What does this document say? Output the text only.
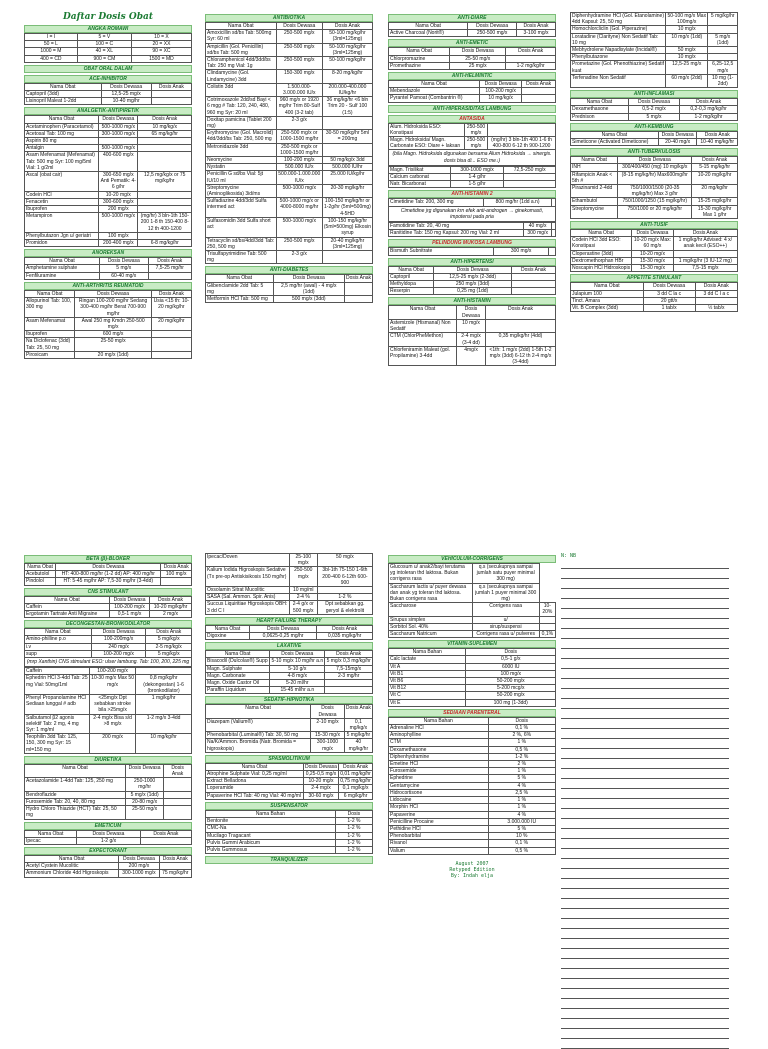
Daftar Dosis Obat
ANGKA ROMAWI
I = I	5 = V	10 = X
50 = L	100 = C	20 = XX
1000 = M	40 = XL	90 = XC
400 = CD	900 = CM	1500 = MD
OBAT ORAL DALAM
ACE-INHIBITOR
Nama Obat	Dosis Dewasa	Dosis Anak
Captopril (3dd)	12,5-25 mg/x	
Lisinopril Maleat 1-2dd	10-40 mg/hr	
ANALGETIK-ANTIPIRETIK
Nama Obat	Dosis Dewasa	Dosis Anak
Acetaminophen (Paracetamol)	500-1000 mg/x	10 mg/kg/x
Acetosal Tab: 100 mg	300-1000 mg/x	65 mg/kg/hr
Aspirin 80 mg		
Antalgin	500-1000 mg/x	
Asam Mefenamat (Mefenamat) Tab: 500 mg Syr: 100 mg/5ml Vial: 1 g/2ml	400-600 mg/x	
Ascal (obat cair)	300-650 mg/x Anti Pematik: 4-6 g/hr	12,5 mg/kg/x or 75 mg/kg/hr
Codein HCl	10-20 mg/x	
Fenacetin	300-600 mg/x	
Ibuprofen	200 mg/x	
Metampiron	500-1000 mg/x	(mg/hr) 3 bln-1th 150-200 1-8 th 150-400 8-12 th 400-1200
Phenylbutazon Jgn u/ geriatri	100 mg/x	
Promidon	200-400 mg/x	6-8 mg/kg/hr
ANOREKSAN
Nama Obat	Dosis Dewasa	Dosis Anak
Amphetamine sulphate	5 mg/x	7,5-25 mg/hr
Fenfiluramine	60-40 mg/x	
ANTI-ARTHRITIS REUMATOID
Nama Obat	Dosis Dewasa	Dosis Anak
Allopurinol Tab: 100, 300 mg	Ringan 100-200 mg/hr Sedang 300-400 mg/hr Berat 700-900 mg/hr	Usia <15 th: 10-20 mg/kg/hr
Asam Mefenamat	Awal 250 mg Kmdn 250-500 mg/x	20 mg/kg/hr
Ibuprofen	600 mg/x	
Na Diclofenac (3dd) Tab: 25, 50 mg	25-50 mg/x	
Piroxicam	20 mg/x (1dd)	
ANTIBIOTIKA
Nama Obat	Dosis Dewasa	Dosis Anak
Amoxicillin sd/bs Tab: 500mg Syr: 60 ml	250-500 mg/x	50-100 mg/kg/hr (3ml=125mg)
Ampicillin (Gol. Penicillin) sd/bs Tab: 500 mg	250-500 mg/x	50-100 mg/kg/hr (3ml=125mg)
Chloramphenicol 4dd/3dd/bs Tab: 250 mg Vial: 1g	250-500 mg/x	50-100 mg/kg/hr
Clindamycine (Gol. Lindamycine) 3dd	150-300 mg/x	8-20 mg/kg/hr
Colistin 3dd	1.500.000-3.000.000 IU/x	200.000-400.000 IU/kg/hr
Cotrimoxazole 2dd/sd Bayi < 6 mgg # Tab: 120, 240, 480, 960 mg Syr: 20 ml	960 mg/x or 1920 mg/hr Trim 80-Sulf 400 (3-2 tab)	36 mg/kg/hr <6 bln Trim 20 - Sulf 100 (1:5)
Doxitap pamicina (Tablet 200 mg)	2-3 g/x	
Erythromycine (Gol. Macrolid) 4dd/3dd/bs Tab: 250, 500 mg	250-500 mg/x or 1000-1500 mg/hr	30-50 mg/kg/hr 5ml = 200mg
Metronidazole 3dd	250-500 mg/x or 1000-1500 mg/hr	
Neomycine	100-200 mg/x	50 mg/kg/x 3dd
Nystatin	500.000 IU/x	500.000 IU/hr
Penicillin G sd/bs Vial: 5jt IU/10 ml	500.000-1.000.000 IU/x	25.000 IU/kg/hr
Streptomycine (Aminoglikosida) 3id/ms	500-1000 mg/x	20-30 mg/kg/hr
Sulfadiazine 4dd/3dd Sulfa intermed act	500-1000 mg/x or 4000-8000 mg/hr	100-150 mg/kg/hr or 1-2g/hr (5ml=500mg) 4-5HD
Sulfasomidin 3dd Sulfa short act	500-1000 mg/x	100-150 mg/kg/hr (5ml=500mg) Elkosin syrup
Tetracyclin sd/bs/4dd/3dd Tab: 250, 500 mg	250-500 mg/x	20-40 mg/kg/hr (3ml=125mg)
Trisulfapyrimidine Tab: 500 mg	2-3 g/x	
ANTI-DIABETES
Nama Obat	Dosis Dewasa	Dosis Anak
Glibenclamide 2dd Tab: 5 mg	2,5 mg/hr (awal) - 4 mg/x (1dd)	
Metformin HCl Tab: 500 mg	500 mg/x (3dd)	
ANTI-DIARE
Nama Obat	Dosis Dewasa	Dosis Anak
Active Charcoal (Norit®)	250-500 mg/x	3-100 mg/x
ANTI-EMETIC
Nama Obat	Dosis Dewasa	Dosis Anak
Chlorpromazine	25-50 mg/x	
Promethazine	25 mg/x	1-2 mg/kg/hr
ANTI-HELMINTIC
Nama Obat	Dosis Dewasa	Dosis Anak
Mebendazole	100-200 mg/x	
Pyrantel Pamoat (Combantrin ®)	10 mg/kg/x	
ANTI-HIPERASIDITAS LAMBUNG
ANTASIDA
Alum. Hidroksida ESO: Konstipasi	250-500 mg/x	
Magn. Hidroksida/ Magn. Carbonate ESO: Diare + laksan	250-500 mg/x	(mg/hr) 3 bln-1th 400 1-6 th 400-800 6-12 th 900-1200
(bila Magn. Hidroksida digunakan bersama Alum Hidroksida → sinergis. dosis bisa di... ESO me↓)
Magn. Trisilikat	300-1000 mg/x	72,5-250 mg/x
Calcium carbonat	1-4 g/hr	
Natr. Bicarbonat	1-5 g/hr	
ANTI-HISTAMIN 2
Cimetidine Tab: 200, 300 mg	800 mg/hr (1dd a.n)	
Cimetidine jrg digunakan krn efek anti-androgen → ginekomasti, impotensi pada pria
Famotidine Tab: 20, 40 mg	40 mg/x	
Ranitidine Tab: 150 mg Kapsul: 200 mg Vial: 2 ml	300 mg/x	
PELINDUNG MUKOSA LAMBUNG
Bismuth Subnitrate	300 mg/x	
ANTI-HIPERTENSI
Nama Obat	Dosis Dewasa	Dosis Anak
Captopril	12,5-25 mg/x (2-3dd)	
Methyldopa	250 mg/x (3dd)	
Reserpin	0,25 mg (1dd)	
ANTI-HISTAMIN
Nama Obat	Dosis Dewasa	Dosis Anak
Astemizole (Hismanal) Non Sedatif	10 mg/x	
CTM (ChlorPheMethon)	2-4 mg/x (3-4 dd)	0,35 mg/kg/hr (4dd)
Chlorfeniramin Maleat (gol. Propilamine) 3-4dd	4mg/x	<1th: 1 mg/x (2dd) 1-5th 1-2 mg/x (3dd) 6-12 th 2-4 mg/x (3-4dd)
Diphenhydramine HCl (Gol. Etanolamine) 4dd Kapsul: 25, 50 mg	50-100 mg/x Max 100mg/x	5 mg/kg/hr
Homochlorcliclin (Gol. Piperazine)	10 mg/x	
Loratadine (Clarityne) Non Sedatif Tab: 10 mg	10 mg/x (1dd)	5 mg/x (1dd)
Mebhydrolene Napadisylate (Incidal®)	50 mg/x	
Phenylbutazone	10 mg/x	
Prometazine (Gol. Phenothiazine) Sedatif kuat	12,5-25 mg/x	6,25-12,5 mg/x
Terfenadine Non Sedatif	60 mg/x (2dd)	10 mg (1-2dd)
ANTI-INFLAMASI
Nama Obat	Dosis Dewasa	Dosis Anak
Dexamethasone	0,5-2 mg/x	0,2-0,3 mg/kg/hr
Prednison	5 mg/x	1-2 mg/kg/hr
ANTI-KEMBUNG
Nama Obat	Dosis Dewasa	Dosis Anak
Simeticone (Activated Dimeticone)	20-40 mg/x	10-40 mg/kg/hr
ANTI-TUBERKULOSIS
Nama Obat	Dosis Dewasa	Dosis Anak
INH	300/400/450 (mg) 10 mg/kg/x	5-15 mg/kg/hr
Rifampicin Anak < 5th #	(8-15 mg/kg/hr) Max600mg/hr	10-20 mg/kg/hr
Pirazinamid 2-4dd	750/1000/1500 (20-35 mg/kg/hr) Max 3 g/hr	20 mg/kg/hr
Ethambutol	750/1000/1250 (15 mg/kg/hr)	15-25 mg/kg/hr
Streptomycine	750/1000 or 20 mg/kg/hr	15-30 mg/kg/hr Max 1 g/hr
ANTI-TUSIF
Nama Obat	Dosis Dewasa	Dosis Anak
Codein HCl 3dd ESO: Konstipasi	10-20 mg/x Max: 60 mg/x	1 mg/kg/hr Advised: 4 x/ anak kecil (ESO++)
Cloperastine (3dd)	10-20 mg/x	
Dextromethorphan HBr	15-30 mg/x	1 mg/kg/hr (3 IU-12 mg)
Noscapin HCl Hidroskopis	15-30 mg/x	7,5-15 mg/x
APPETITE STIMULANT
Nama Obat	Dosis Dewasa	Dosis Anak
Julapium 100	3 dd C la c	3 dd C I a c
Tinct. Amara	20 gtt/x	
Vit. B Complex (3dd)	1 tab/x	½ tab/x
BETA (β)-BLOKER
Nama Obat	Dosis Dewasa	Dosis Anak
Acebutolol	HT: 400-800 mg/hr (1-2 dd) AP: 400 mg/hr	100 mg/x
Pindolol	HT: 5-45 mg/hr AP: 7,5-30 mg/hr (3-4dd)	
CNS STIMULANT
Nama Obat	Dosis Dewasa	Dosis Anak
Caffein	100-200 mg/x	10-20 mg/kg/hr
Ergotamin Tartrate Anti Migraine	0,5-1 mg/x	2 mg/x
DECONGESTAN-BRONKODILATOR
Nama Obat	Dosis Dewasa	Dosis Anak
Amino-philline p.o	100-200mg/x	5 mg/kg/x
i.v	240 mg/x	2-5 mg/kg/x
supp	100-200 mg/x	5 mg/kg/x
(mrp Xanthin) CNS stimulant ESO: ulser lambung. Tab: 100, 200, 225 mg
Caffein	100-200 mg/x	
Ephedrin HCl 3-4dd Tab: 25 mg Vial: 50mg/1ml	10-30 mg/x Max 50 mg/x	0,8 mg/kg/hr (dekongestan) 1-6 (bronkodilator)
Phenyl Propanolamine HCl Sediaan lunggal # adb	<25mg/x Dpt sebabkan stroke bila >25mg/x	1 mg/kg/hr
Salbutamol β2 agonis selektif Tab: 2 mg, 4 mg Syr: 1 mg/ml	2-4 mg/x Bisa s/d >8 mg/x	1-2 mg/x 3-4dd
Teophilin 3dd Tab: 125, 150, 300 mg Syr: 15 ml=150 mg	200 mg/x	10 mg/kg/hr
DIURETIKA
Nama Obat	Dosis Dewasa	Dosis Anak
Acetazolamide 1-4dd Tab: 125, 250 mg	250-1000 mg/hr	
Bendroflazide	5 mg/x (1dd)	
Furosemide Tab: 20, 40, 80 mg	20-80 mg/x	
Hydro Chloro Thiazide (HCT) Tab: 25, 50 mg	25-50 mg/x	
EMETICUM
Nama Obat	Dosis Dewasa	Dosis Anak
Ipecac	1-2 g/x	
EXPECTORANT
Nama Obat	Dosis Dewasa	Dosis Anak
Acetyl Cystein Mucolitic	200 mg/x	
Ammonium Chloride 4dd Higroskopis	300-1000 mg/x	75 mg/kg/hr
Ipecac/Doven	25-100 mg/x	50 mg/x
Kalium Iodida Higroskopis Sedative (Tx pre-op Antiskisikosis 150 mg/hr)	250-500 mg/x	3bl-1th 75-150 1-6th 200-400 6-12th 600-900
Oxsolamin Sitrat Mucolitic	10 mg/ml	
SASA (Sal. Ammon. Spir. Anis)	2-4 %	1-2 %
Succus Liquiritiae Higroskopis OBH: 3 dd C I	2-4 g/x or 500 mg/x	Dpt sebabkan gg. geryol & elektrolit
HEART FAILURE THERAPY
Nama Obat	Dosis Dewasa	Dosis Anak
Digoxine	0,0625-0,25 mg/hr	0,035 mg/kg/hr
LAXATIVE
Nama Obat	Dosis Dewasa	Dosis Anak
Bisacodil (Dulcolax®) Supp	5-10 mg/x 10 mg/hr a.n	5 mg/x 0,3 mg/kg/hr
Magn. Sulphate	5-10 g/x	7,5-15mg/x
Magn. Carbonate	4-8 mg/x	2-3 mg/hr
Magn. Oxide Castor Oil	5-20 ml/hr	
Paraffin Liquidum	15-45 ml/hr a.n	
SEDATIF-HIPNOTIKA
Nama Obat	Dosis Dewasa	Dosis Anak
Diazepam (Valium®)	2-10 mg/x	0,1 mg/kg/x
Phenobarbital (Luminal®) Tab: 30, 50 mg	15-30 mg/x	5 mg/kg/hr
Na/K/Ammon. Bromida (Natr. Bromida = higroskopis)	300-1000 mg/x	40 mg/kg/hr
SPASMOLITIKUM
Nama Obat	Dosis Dewasa	Dosis Anak
Atrophine Sulphate Vial: 0,25 mg/ml	0,25-0,5 mg/x	0,01 mg/kg/hr
Extract Belladona	10-20 mg/x	0,75 mg/kg/hr
Loperamide	2-4 mg/x	0,1 mg/kg/x
Papaverine HCl Tab: 40 mg Vial: 40 mg/ml	30-60 mg/x	6 mg/kg/hr
SUSPENSATOR
Nama Bahan	Dosis
Bentonite	1-2 %
CMC-Na	1-2 %
Mucilago Tragacant	1-2 %
Pulvis Gummi Arabicum	1-2 %
Pulvis Gummosus	1-2 %
TRANQUILIZER
VEHICULUM-CORRIGENS
Glucosum u/ anak2/bayi terutama yg intoleran thd laktosa. Bukan corrigens rasa	q.s (secukupnya sampai jumlah satu puyer minimal 300 mg)	
Saccharum lactis u/ puyer dewasa dan anak yg toleran thd laktosa. Bukan corrigens rasa	q.s (secukupnya sampai jumlah 1 puyer minimal 300 mg)	
Saccharose	Corrigens rasa	10-20%
Sirupus simplex	u/	
Sorbitol Sol. 40%	sirup/suspensi	
Saccharum Natricum	Corrigens rasa u/ pulveres	0,1%
VITAMIN-SUPLEMEN
Nama Bahan	Dosis
Calc lactate	0,5-1 g/x
Vit A	6000 IU
Vit B1	100 mg/x
Vit B6	50-200 mg/x
Vit B12	5-200 mcg/x
Vit C	50-200 mg/x
Vit E	100 mg (1-3dd)
SEDIAAN PARENTERAL
Nama Bahan	Dosis
Adrenaline HCl	0,1 %
Aminophylline	2 %, 6%
CTM	1 %
Dexamethasone	0,5 %
Diphenhydramine	1-2 %
Emetine HCl	2 %
Furosemide	1 %
Ephedrine	5 %
Gentamycine	4 %
Hidrocortisone	2,5 %
Lidocaine	1 %
Morphin HCl	1 %
Papaverine	4 %
Penicilline Procaine	3.000.000 IU
Pethidine HCl	5 %
Phenobarbital	10 %
Rivanol	0,1 %
Valium	0,5 %
August 2007
Retyped Edition
By: Indah elja
N: NB
